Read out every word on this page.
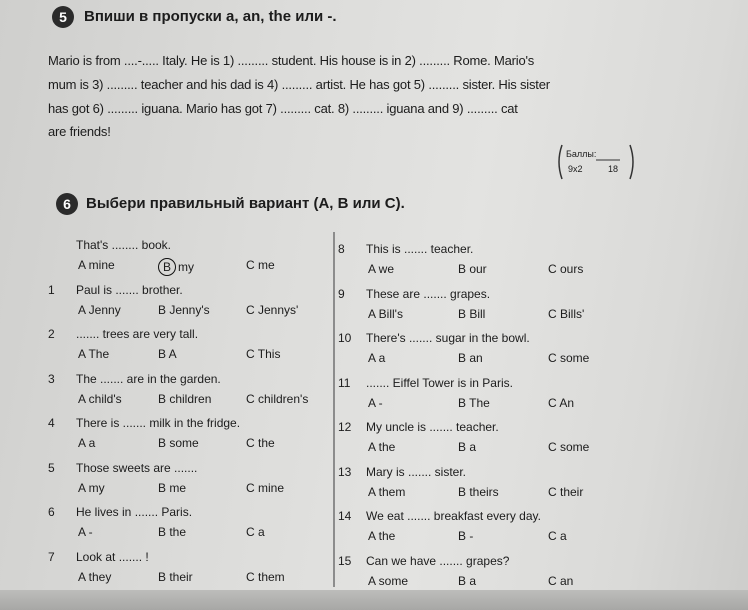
5	Впиши в пропуски a, an, the или -.
Mario is from ....-..... Italy. He is 1) ......... student. His house is in 2) ......... Rome. Mario's
mum is 3) ......... teacher and his dad is 4) ......... artist. He has got 5) ......... sister. His sister
has got 6) ......... iguana. Mario has got 7) ......... cat. 8) ......... iguana and 9) ......... cat
are friends!
Баллы:
9x2	18
6	Выбери правильный вариант (A, B или C).
That's ........ book.
A mine	B my	C me
1 Paul is ....... brother.
A Jenny	B Jenny's	C Jennys'
2 ....... trees are very tall.
A The	B A	C This
3 The ....... are in the garden.
A child's	B children	C children's
4 There is ....... milk in the fridge.
A a	B some	C the
5 Those sweets are .......
A my	B me	C mine
6 He lives in ....... Paris.
A -	B the	C a
7 Look at ....... !
A they	B their	C them
8 This is ....... teacher.
A we	B our	C ours
9 These are ....... grapes.
A Bill's	B Bill	C Bills'
10 There's ....... sugar in the bowl.
A a	B an	C some
11 ....... Eiffel Tower is in Paris.
A -	B The	C An
12 My uncle is ....... teacher.
A the	B a	C some
13 Mary is ....... sister.
A them	B theirs	C their
14 We eat ....... breakfast every day.
A the	B -	C a
15 Can we have ....... grapes?
A some	B a	C an
